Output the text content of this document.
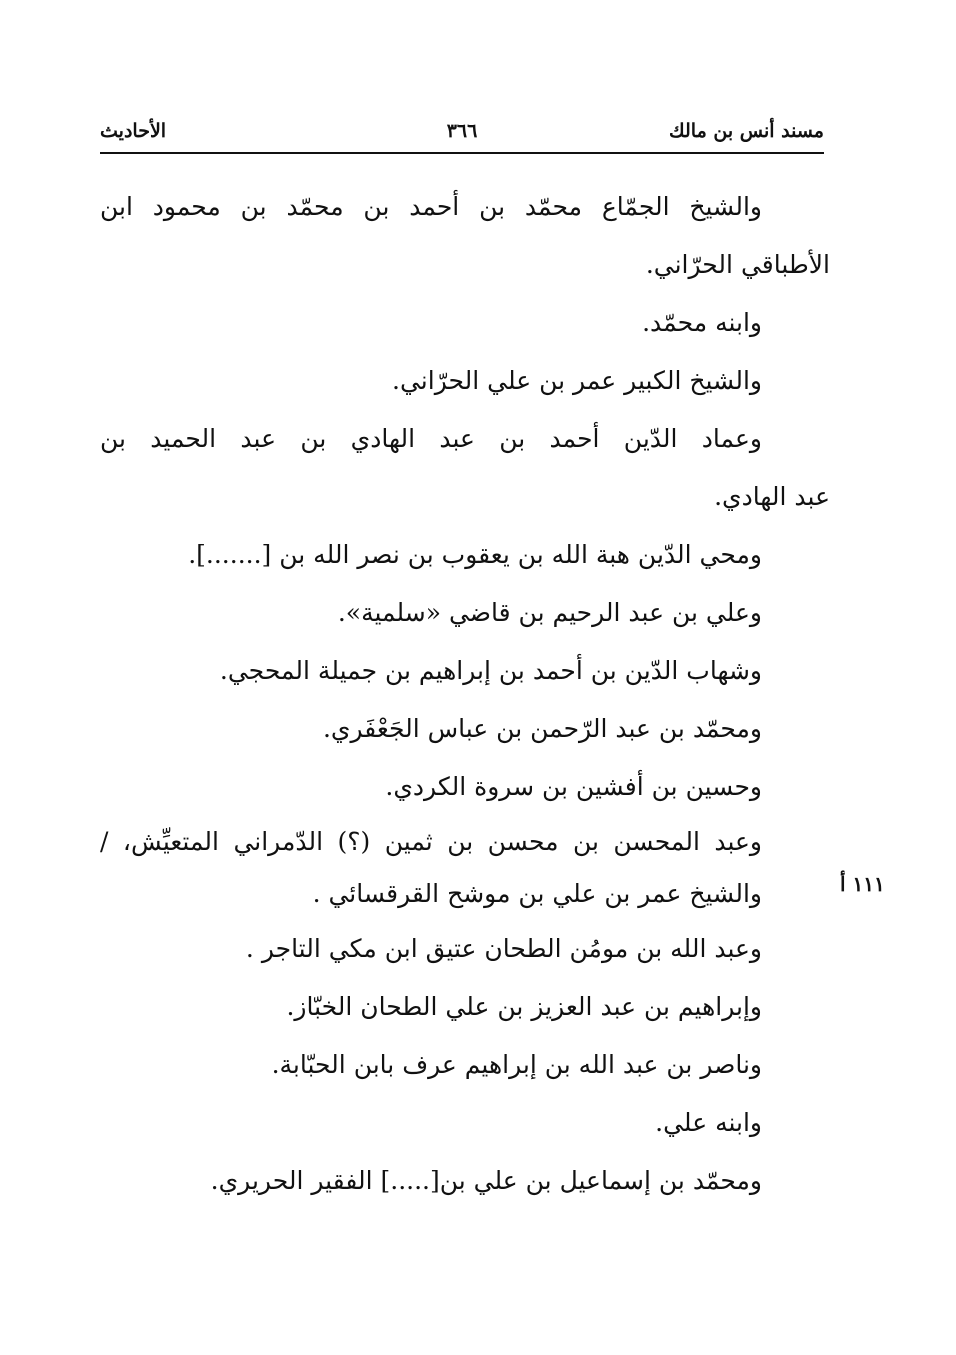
مسند أنس بن مالك
٣٦٦
الأحاديث
١١١ أ
والشيخ الجمّاع محمّد بن أحمد بن محمّد بن محمود ابن
الأطباقي الحرّاني.
وابنه محمّد.
والشيخ الكبير عمر بن علي الحرّاني.
وعماد الدّين أحمد بن عبد الهادي بن عبد الحميد بن
عبد الهادي.
ومحي الدّين هبة الله بن يعقوب بن نصر الله بن [.......].
وعلي بن عبد الرحيم بن قاضي «سلمية».
وشهاب الدّين بن أحمد بن إبراهيم بن جميلة المحجي.
ومحمّد بن عبد الرّحمن بن عباس الجَعْفَري.
وحسين بن أفشين بن سروة الكردي.
وعبد المحسن بن محسن بن ثمين (؟) الدّمراني المتعيِّش، /
والشيخ عمر بن علي بن موشح القرقسائي .
وعبد الله بن مومُن الطحان عتيق ابن مكي التاجر .
وإبراهيم بن عبد العزيز بن علي الطحان الخبّاز.
وناصر بن عبد الله بن إبراهيم عرف بابن الحبّابة.
وابنه علي.
ومحمّد بن إسماعيل بن علي بن[.....] الفقير الحريري.
